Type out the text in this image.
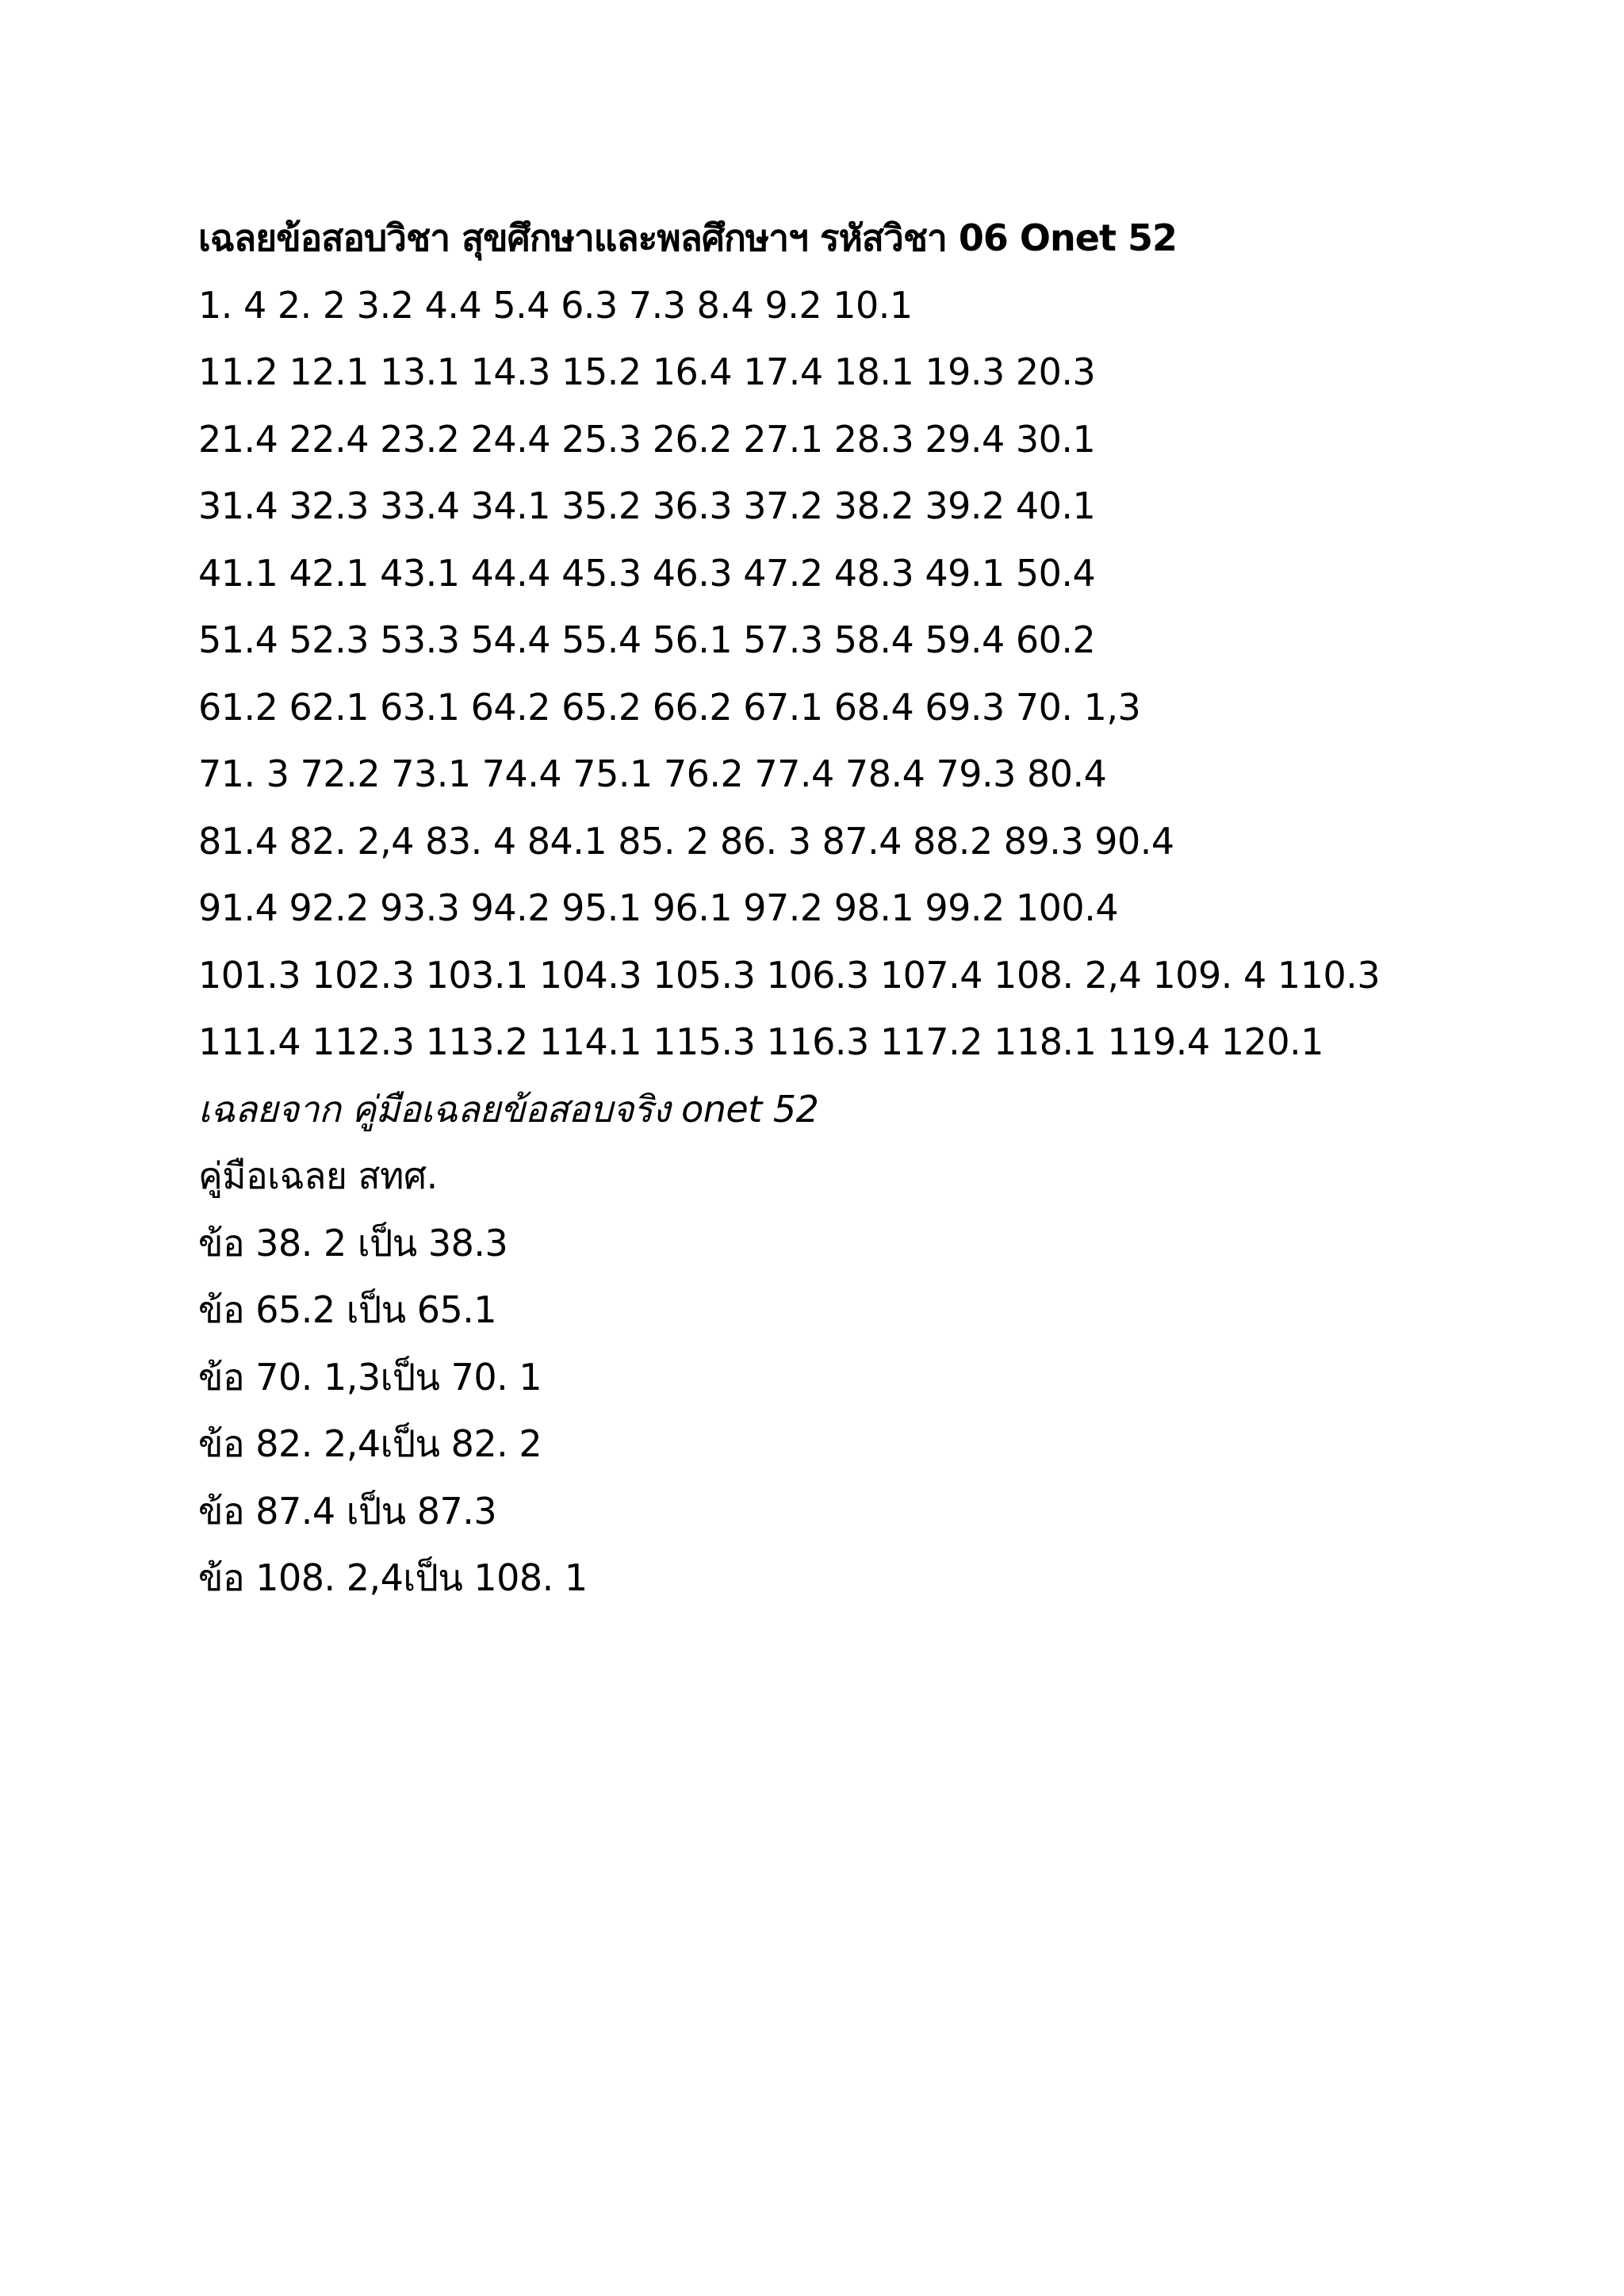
เฉลยข้อสอบวิชา สุขศึกษาและพลศึกษาฯ รหัสวิชา 06 Onet 52
1. 4 2. 2 3.2 4.4 5.4 6.3 7.3 8.4 9.2 10.1
11.2 12.1 13.1 14.3 15.2 16.4 17.4 18.1 19.3 20.3
21.4 22.4 23.2 24.4 25.3 26.2 27.1 28.3 29.4 30.1
31.4 32.3 33.4 34.1 35.2 36.3 37.2 38.2 39.2 40.1
41.1 42.1 43.1 44.4 45.3 46.3 47.2 48.3 49.1 50.4
51.4 52.3 53.3 54.4 55.4 56.1 57.3 58.4 59.4 60.2
61.2 62.1 63.1 64.2 65.2 66.2 67.1 68.4 69.3 70. 1,3
71. 3 72.2 73.1 74.4 75.1 76.2 77.4 78.4 79.3 80.4
81.4 82. 2,4 83. 4 84.1 85. 2 86. 3 87.4 88.2 89.3 90.4
91.4 92.2 93.3 94.2 95.1 96.1 97.2 98.1 99.2 100.4
101.3 102.3 103.1 104.3 105.3 106.3 107.4 108. 2,4 109. 4 110.3
111.4 112.3 113.2 114.1 115.3 116.3 117.2 118.1 119.4 120.1
เฉลยจาก คู่มือเฉลยข้อสอบจริง onet 52
คู่มือเฉลย สทศ.
ข้อ 38. 2 เป็น 38.3
ข้อ 65.2 เป็น 65.1
ข้อ 70. 1,3เป็น 70. 1
ข้อ 82. 2,4เป็น 82. 2
ข้อ 87.4 เป็น 87.3
ข้อ 108. 2,4เป็น 108. 1
